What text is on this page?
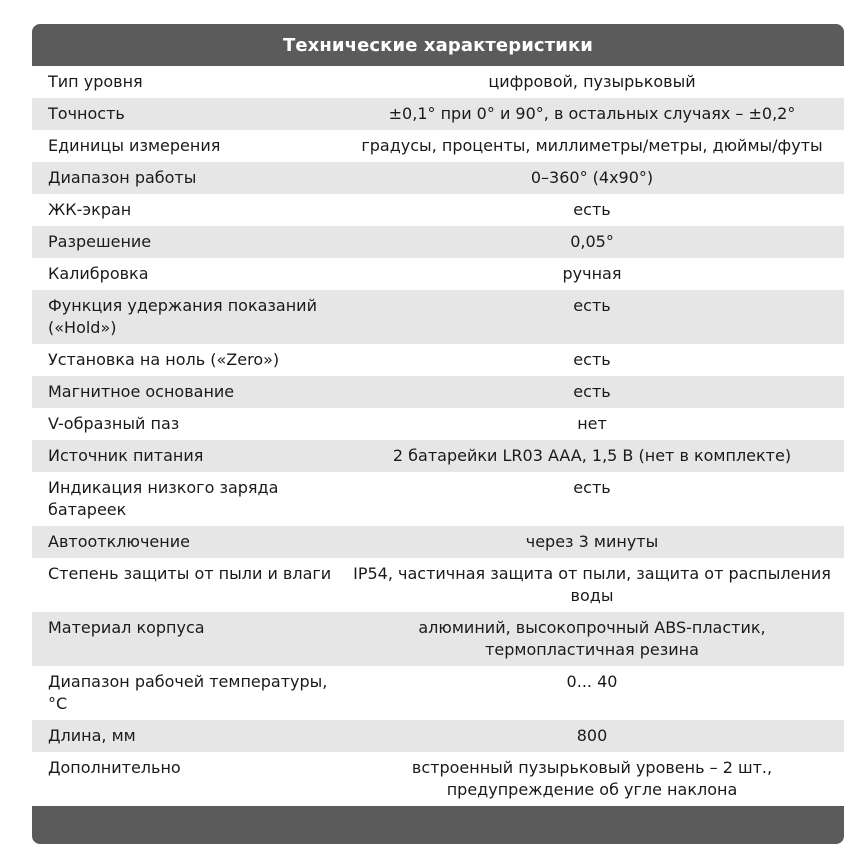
Технические характеристики
Тип уровня	цифровой, пузырьковый
Точность	±0,1° при 0° и 90°, в остальных случаях – ±0,2°
Единицы измерения	градусы, проценты, миллиметры/метры, дюймы/футы
Диапазон работы	0–360° (4х90°)
ЖК-экран	есть
Разрешение	0,05°
Калибровка	ручная
Функция удержания показаний («Hold»)	есть
Установка на ноль («Zero»)	есть
Магнитное основание	есть
V-образный паз	нет
Источник питания	2 батарейки LR03 AAA, 1,5 В (нет в комплекте)
Индикация низкого заряда батареек	есть
Автоотключение	через 3 минуты
Степень защиты от пыли и влаги	IP54, частичная защита от пыли, защита от распыления воды
Материал корпуса	алюминий, высокопрочный ABS-пластик, термопластичная резина
Диапазон рабочей температуры, °С	0... 40
Длина, мм	800
Дополнительно	встроенный пузырьковый уровень – 2 шт., предупреждение об угле наклона
